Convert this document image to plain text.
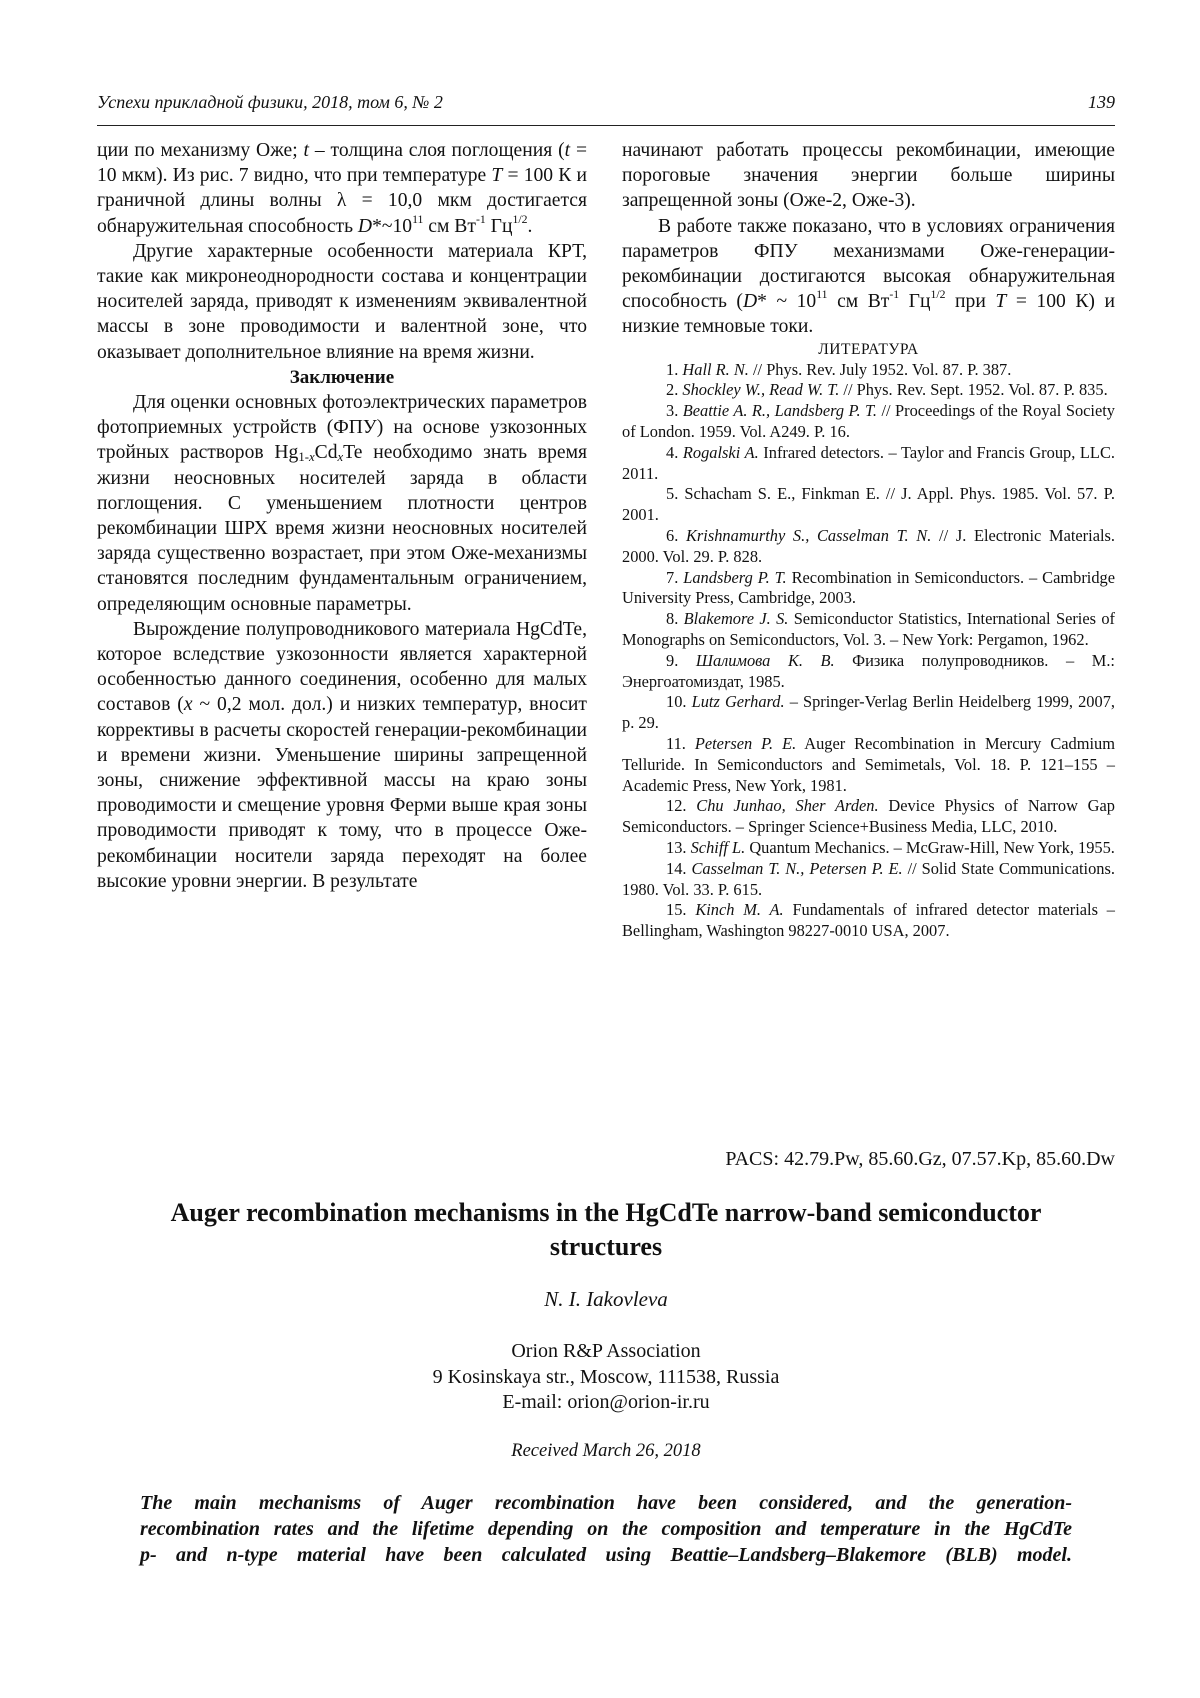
Успехи прикладной физики, 2018, том 6, № 2	139

ции по механизму Оже; t – толщина слоя поглощения (t = 10 мкм). Из рис. 7 видно, что при температуре T = 100 К и граничной длины волны λ = 10,0 мкм достигается обнаружительная способность $D*\sim 10^{11}$ см $Вт^{-1}$ $Гц^{1/2}$.

Другие характерные особенности материала КРТ, такие как микронеоднородности состава и концентрации носителей заряда, приводят к изменениям эквивалентной массы в зоне проводимости и валентной зоне, что оказывает дополнительное влияние на время жизни.

Заключение

Для оценки основных фотоэлектрических параметров фотоприемных устройств (ФПУ) на основе узкозонных тройных растворов $Hg_{1-x}Cd_xTe$ необходимо знать время жизни неосновных носителей заряда в области поглощения. С уменьшением плотности центров рекомбинации ШРХ время жизни неосновных носителей заряда существенно возрастает, при этом Оже-механизмы становятся последним фундаментальным ограничением, определяющим основные параметры.

Вырождение полупроводникового материала HgCdTe, которое вследствие узкозонности является характерной особенностью данного соединения, особенно для малых составов (x ~ 0,2 мол. дол.) и низких температур, вносит коррективы в расчеты скоростей генерации-рекомбинации и времени жизни. Уменьшение ширины запрещенной зоны, снижение эффективной массы на краю зоны проводимости и смещение уровня Ферми выше края зоны проводимости приводят к тому, что в процессе Оже-рекомбинации носители заряда переходят на более высокие уровни энергии. В результате

начинают работать процессы рекомбинации, имеющие пороговые значения энергии больше ширины запрещенной зоны (Оже-2, Оже-3).

В работе также показано, что в условиях ограничения параметров ФПУ механизмами Оже-генерации-рекомбинации достигаются высокая обнаружительная способность (D* ~ $10^{11}$ см $Вт^{-1}$ $Гц^{1/2}$ при T = 100 К) и низкие темновые токи.

ЛИТЕРАТУРА

1. Hall R. N. // Phys. Rev. July 1952. Vol. 87. P. 387.

2. Shockley W., Read W. T. // Phys. Rev. Sept. 1952. Vol. 87. P. 835.

3. Beattie A. R., Landsberg P. T. // Proceedings of the Royal Society of London. 1959. Vol. A249. P. 16.

4. Rogalski A. Infrared detectors. – Taylor and Francis Group, LLC. 2011.

5. Schacham S. E., Finkman E. // J. Appl. Phys. 1985. Vol. 57. P. 2001.

6. Krishnamurthy S., Casselman T. N. // J. Electronic Materials. 2000. Vol. 29. P. 828.

7. Landsberg P. T. Recombination in Semiconductors. – Cambridge University Press, Cambridge, 2003.

8. Blakemore J. S. Semiconductor Statistics, International Series of Monographs on Semiconductors, Vol. 3. – New York: Pergamon, 1962.

9. Шалимова К. В. Физика полупроводников. – М.: Энергоатомиздат, 1985.

10. Lutz Gerhard. – Springer-Verlag Berlin Heidelberg 1999, 2007, p. 29.

11. Petersen P. E. Auger Recombination in Mercury Cadmium Telluride. In Semiconductors and Semimetals, Vol. 18. P. 121–155 – Academic Press, New York, 1981.

12. Chu Junhao, Sher Arden. Device Physics of Narrow Gap Semiconductors. – Springer Science+Business Media, LLC, 2010.

13. Schiff L. Quantum Mechanics. – McGraw-Hill, New York, 1955.

14. Casselman T. N., Petersen P. E. // Solid State Communications. 1980. Vol. 33. P. 615.

15. Kinch M. A. Fundamentals of infrared detector materials – Bellingham, Washington 98227-0010 USA, 2007.

PACS: 42.79.Pw, 85.60.Gz, 07.57.Kp, 85.60.Dw
Auger recombination mechanisms in the HgCdTe narrow-band semiconductor
structures
N. I. Iakovleva
Orion R&P Association
9 Kosinskaya str., Moscow, 111538, Russia
E-mail: orion@orion-ir.ru
Received March 26, 2018
The main mechanisms of Auger recombination have been considered, and the generation-
recombination rates and the lifetime depending on the composition and temperature in the HgCdTe
p- and n-type material have been calculated using Beattie–Landsberg–Blakemore (BLB) model.
